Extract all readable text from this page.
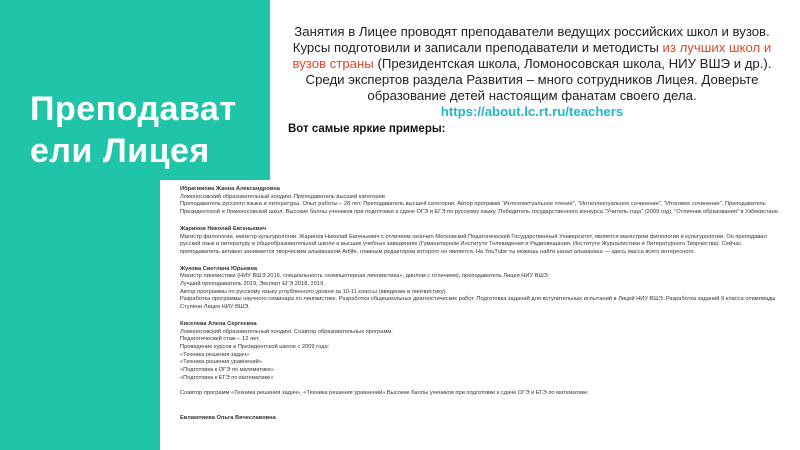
Преподават
ели Лицея
Занятия в Лицее проводят преподаватели ведущих российских школ и вузов. Курсы подготовили и записали преподаватели и методисты из лучших школ и вузов страны (Президентская школа, Ломоносовская школа, НИУ ВШЭ и др.). Среди экспертов раздела Развития – много сотрудников Лицея. Доверьте образование детей настоящим фанатам своего дела.
https://about.lc.rt.ru/teachers
Вот самые яркие примеры:
Ибрагимова Жанна Александровна
Ломоносовский образовательный холдинг. Преподаватель высшей категории
Преподаватель русского языка и литературы. Опыт работы – 28 лет. Преподаватель высшей категории. Автор программ "Интеллектуальное чтение", "Интеллектуальное сочинение", "Итоговое сочинение". Преподаватель Президентской и Ломоносовской школ. Высокие баллы учеников при подготовке к сдаче ОГЭ и ЕГЭ по русскому языку. Победитель государственного конкурса "Учитель года" (2009 год), "Отличник образования" в Узбекистане.
Жаринов Николай Евгеньевич
Магистр филологии, магистр культурологии. Жаринов Николай Евгеньевич с отличием окончил Московский Педагогический Государственный Университет, является магистром филологии и культурологии. Он преподавал русский язык и литературу в общеобразовательной школе и высших учебных заведениях (Гуманитарном Институте Телевидения и Радиовещания, Институте Журналистики и Литературного Творчества). Сейчас преподаватель активно занимается творческим альманахом Artlife, главным редактором которого он является. На YouTube ты можешь найти канал альманаха — здесь масса всего интересного.
Жукова Светлана Юрьевна
Магистр лингвистики (НИУ ВШЭ 2016, специальность «компьютерная лингвистика», диплом с отличием), преподаватель Лицея НИУ ВШЭ.
Лучший преподаватель 2019, Эксперт ЕГЭ 2018, 2019.
Автор программы по русскому языку углубленного уровня за 10-11 классы (введение в лингвистику)
Разработка программы научного семинара по лингвистике. Разработка общешкольных диагностических работ. Подготовка заданий для вступительных испытаний в Лицей НИУ ВШЭ. Разработка заданий 9 класса олимпиады Ступени Лицея НИУ ВШЭ.
Киселева Алена Сергеевна
Ломоносовский образовательный холдинг. Соавтор образовательных программ.
Педагогический стаж – 12 лет.
Проведение курсов в Президентской школе с 2009 года:
«Техника решения задач»
«Техника решения уравнений»
«Подготовка к ОГЭ по математике»
«Подготовка к ЕГЭ по математике»
Соавтор программ «Техника решения задач», «Техника решения уравнений».Высокие баллы учеников при подготовке к сдаче ОГЭ и ЕГЭ по математике.
Евлампиева Ольга Вячеславовна
